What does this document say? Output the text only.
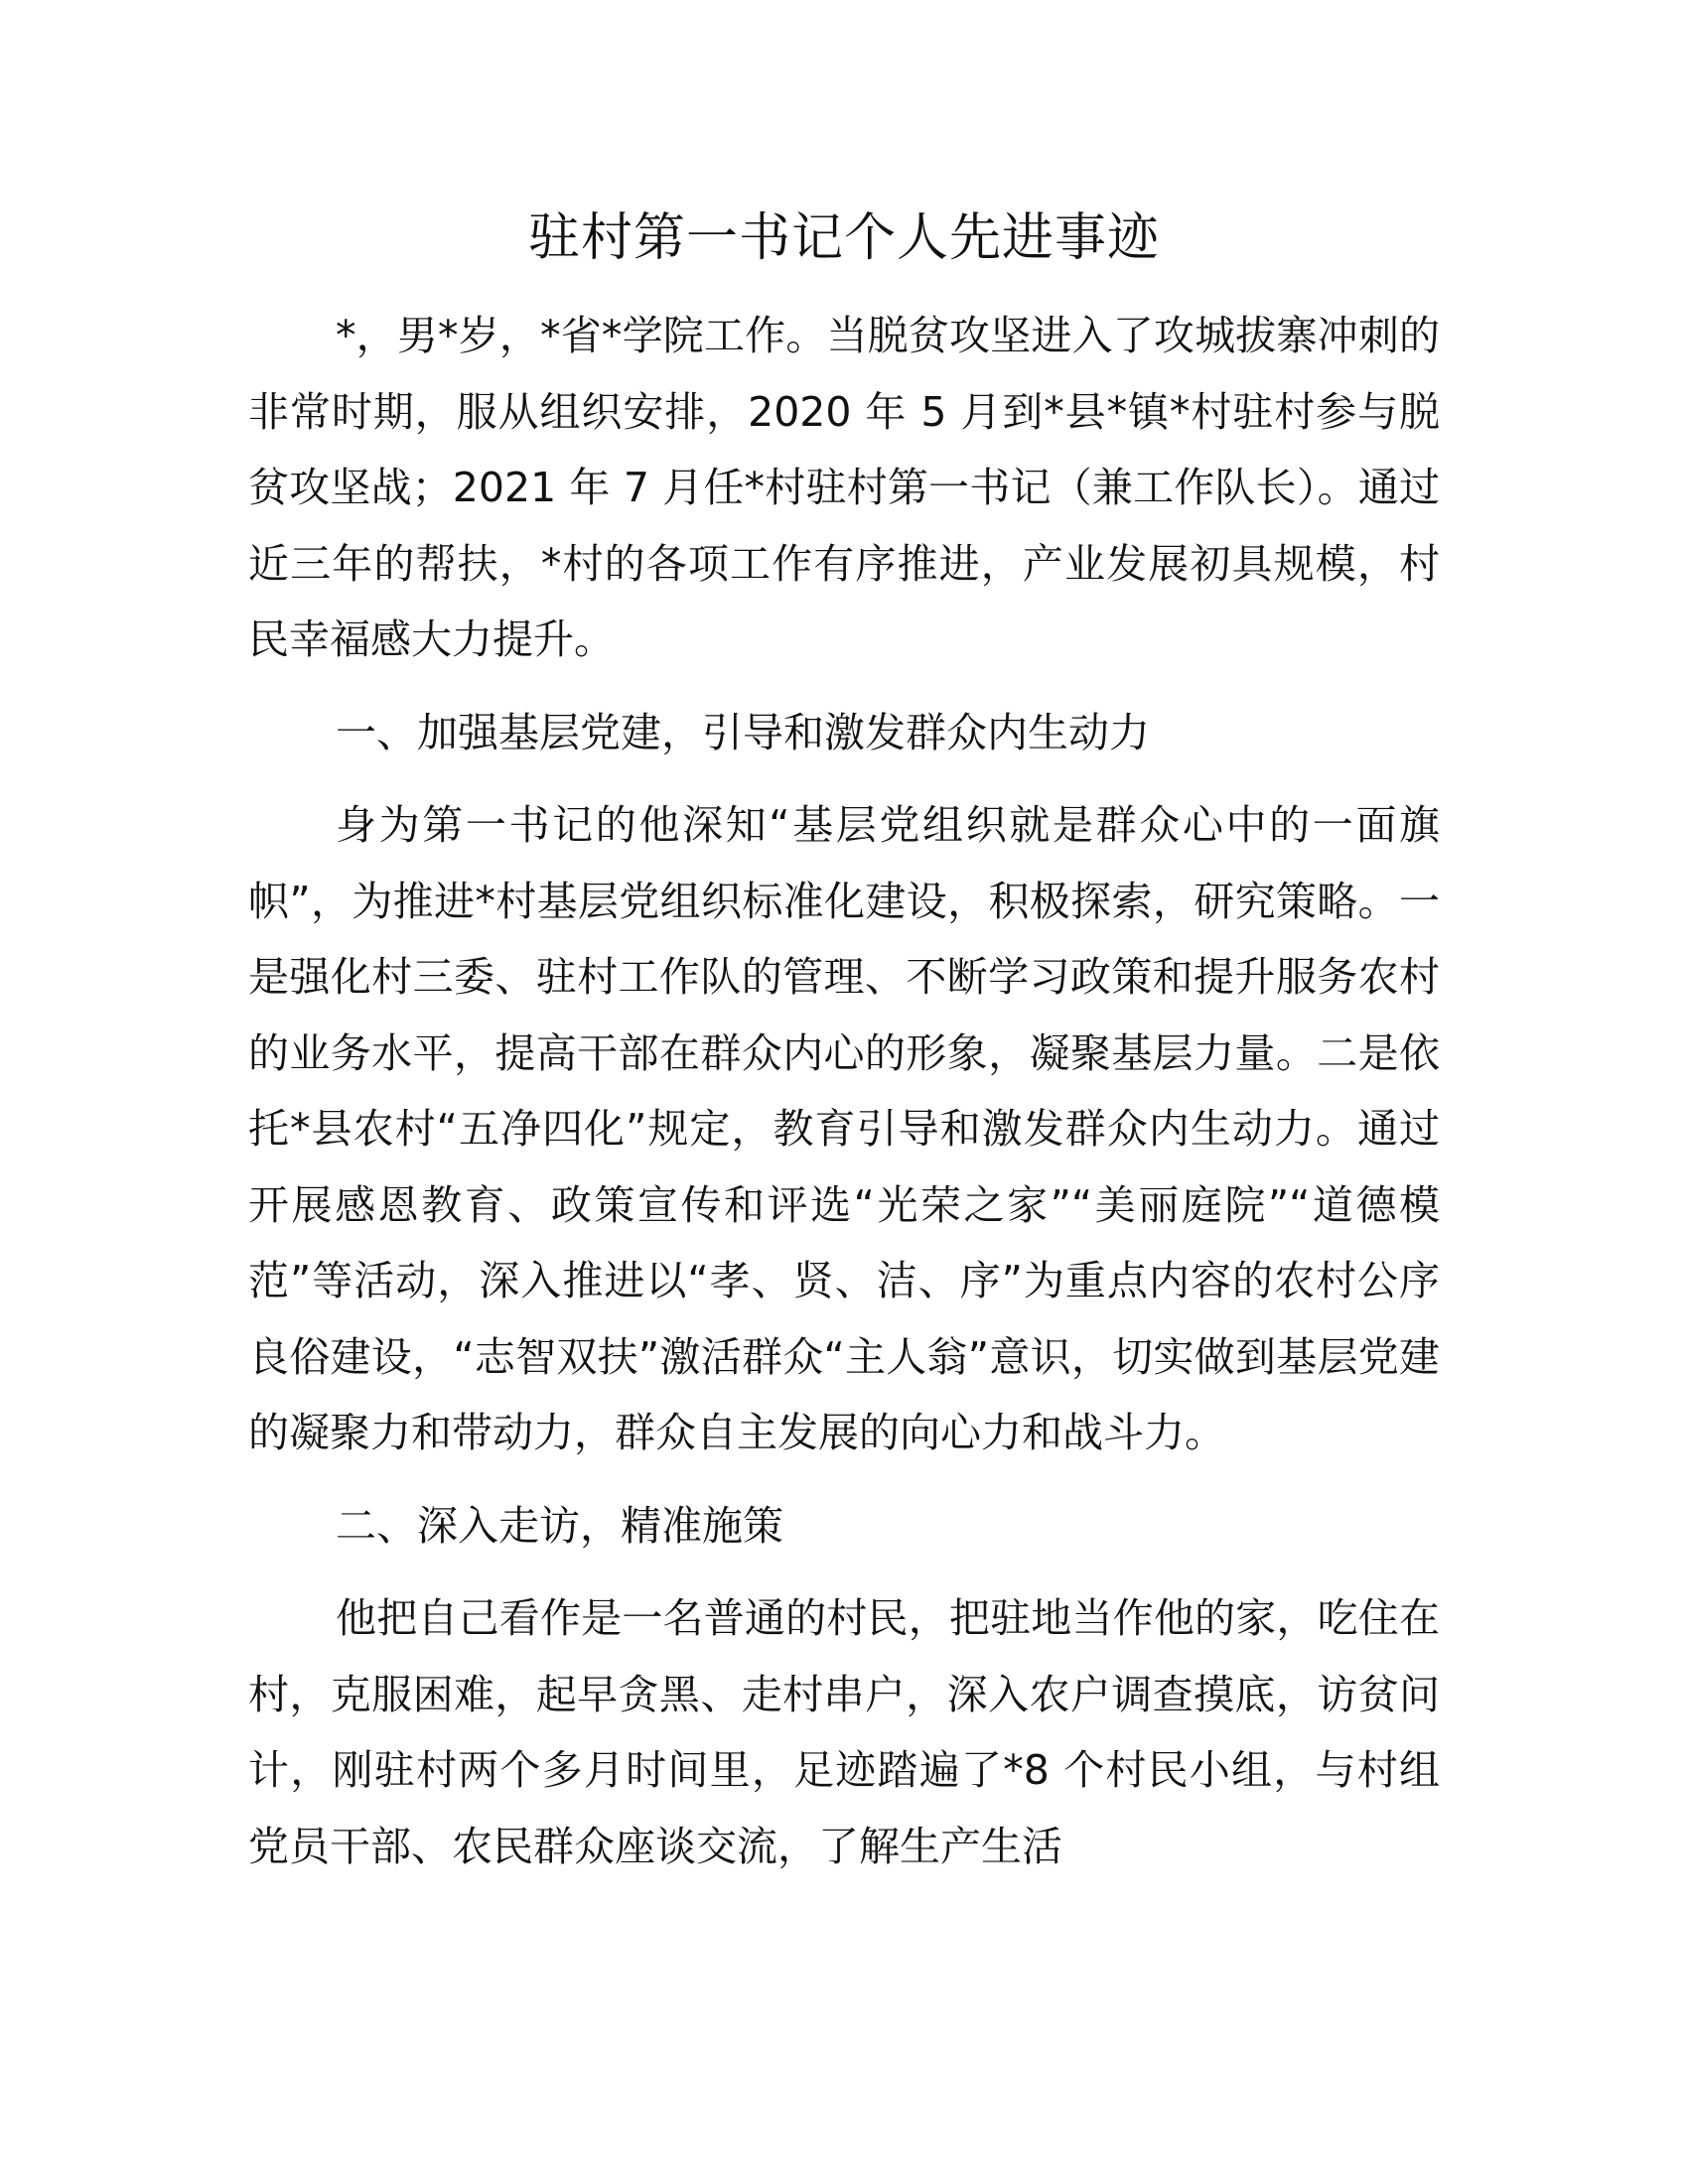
驻村第一书记个人先进事迹

*，男*岁，*省*学院工作。当脱贫攻坚进入了攻城拔寨冲刺的非常时期，服从组织安排，2020 年 5 月到*县*镇*村驻村参与脱贫攻坚战；2021 年 7 月任*村驻村第一书记（兼工作队长）。通过近三年的帮扶，*村的各项工作有序推进，产业发展初具规模，村民幸福感大力提升。

一、加强基层党建，引导和激发群众内生动力

身为第一书记的他深知“基层党组织就是群众心中的一面旗帜”，为推进*村基层党组织标准化建设，积极探索，研究策略。一是强化村三委、驻村工作队的管理、不断学习政策和提升服务农村的业务水平，提高干部在群众内心的形象，凝聚基层力量。二是依托*县农村“五净四化”规定，教育引导和激发群众内生动力。通过开展感恩教育、政策宣传和评选“光荣之家”“美丽庭院”“道德模范”等活动，深入推进以“孝、贤、洁、序”为重点内容的农村公序良俗建设，“志智双扶”激活群众“主人翁”意识，切实做到基层党建的凝聚力和带动力，群众自主发展的向心力和战斗力。

二、深入走访，精准施策

他把自己看作是一名普通的村民，把驻地当作他的家，吃住在村，克服困难，起早贪黑、走村串户，深入农户调查摸底，访贫问计，刚驻村两个多月时间里，足迹踏遍了*8 个村民小组，与村组党员干部、农民群众座谈交流，了解生产生活
